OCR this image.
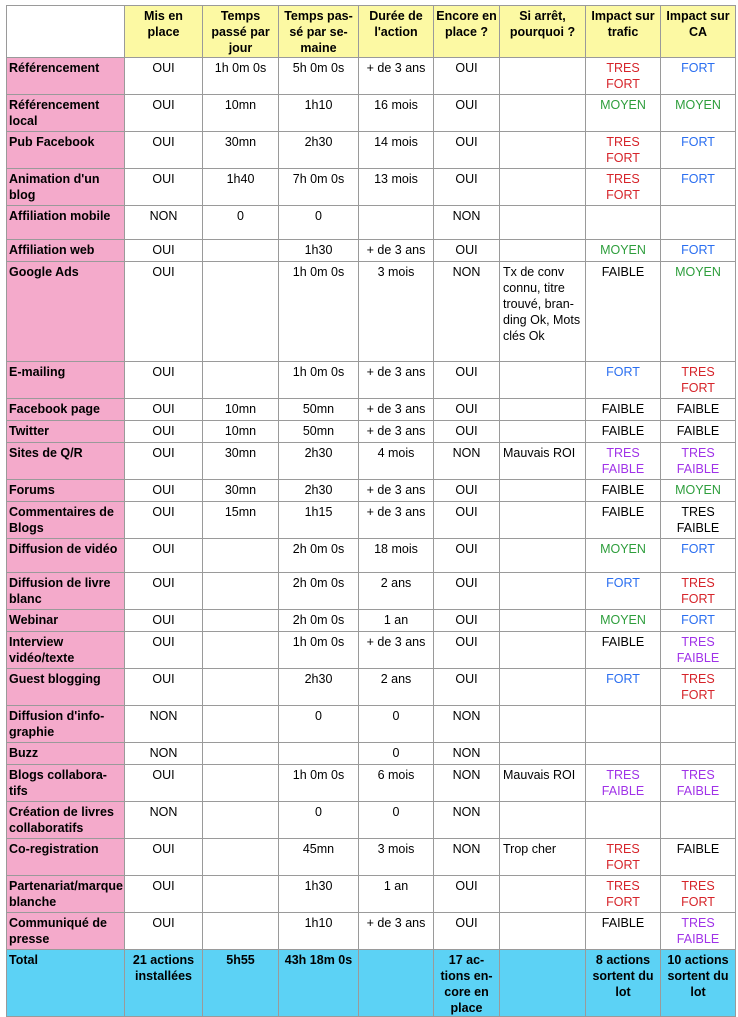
	Mis en place	Temps passé par jour	Temps pas-sé par se-maine	Durée de l'action	Encore en place ?	Si arrêt, pourquoi ?	Impact sur trafic	Impact sur CA
Référencement	OUI	1h 0m 0s	5h 0m 0s	+ de 3 ans	OUI		TRES FORT	FORT
Référencement local	OUI	10mn	1h10	16 mois	OUI		MOYEN	MOYEN
Pub Facebook	OUI	30mn	2h30	14 mois	OUI		TRES FORT	FORT
Animation d'un blog	OUI	1h40	7h 0m 0s	13 mois	OUI		TRES FORT	FORT
Affiliation mobile	NON	0	0		NON			
Affiliation web	OUI		1h30	+ de 3 ans	OUI		MOYEN	FORT
Google Ads	OUI		1h 0m 0s	3 mois	NON	Tx de conv connu, titre trouvé, bran-ding Ok, Mots clés Ok	FAIBLE	MOYEN
E-mailing	OUI		1h 0m 0s	+ de 3 ans	OUI		FORT	TRES FORT
Facebook page	OUI	10mn	50mn	+ de 3 ans	OUI		FAIBLE	FAIBLE
Twitter	OUI	10mn	50mn	+ de 3 ans	OUI		FAIBLE	FAIBLE
Sites de Q/R	OUI	30mn	2h30	4 mois	NON	Mauvais ROI	TRES FAIBLE	TRES FAIBLE
Forums	OUI	30mn	2h30	+ de 3 ans	OUI		FAIBLE	MOYEN
Commentaires de Blogs	OUI	15mn	1h15	+ de 3 ans	OUI		FAIBLE	TRES FAIBLE
Diffusion de vidéo	OUI		2h 0m 0s	18 mois	OUI		MOYEN	FORT
Diffusion de livre blanc	OUI		2h 0m 0s	2 ans	OUI		FORT	TRES FORT
Webinar	OUI		2h 0m 0s	1 an	OUI		MOYEN	FORT
Interview vidéo/texte	OUI		1h 0m 0s	+ de 3 ans	OUI		FAIBLE	TRES FAIBLE
Guest blogging	OUI		2h30	2 ans	OUI		FORT	TRES FORT
Diffusion d'info-graphie	NON		0	0	NON			
Buzz	NON			0	NON			
Blogs collabora-tifs	OUI		1h 0m 0s	6 mois	NON	Mauvais ROI	TRES FAIBLE	TRES FAIBLE
Création de livres collaboratifs	NON		0	0	NON			
Co-registration	OUI		45mn	3 mois	NON	Trop cher	TRES FORT	FAIBLE
Partenariat/marque blanche	OUI		1h30	1 an	OUI		TRES FORT	TRES FORT
Communiqué de presse	OUI		1h10	+ de 3 ans	OUI		FAIBLE	TRES FAIBLE
Total	21 actions installées	5h55	43h 18m 0s		17 ac-tions en-core en place		8 actions sortent du lot	10 actions sortent du lot
